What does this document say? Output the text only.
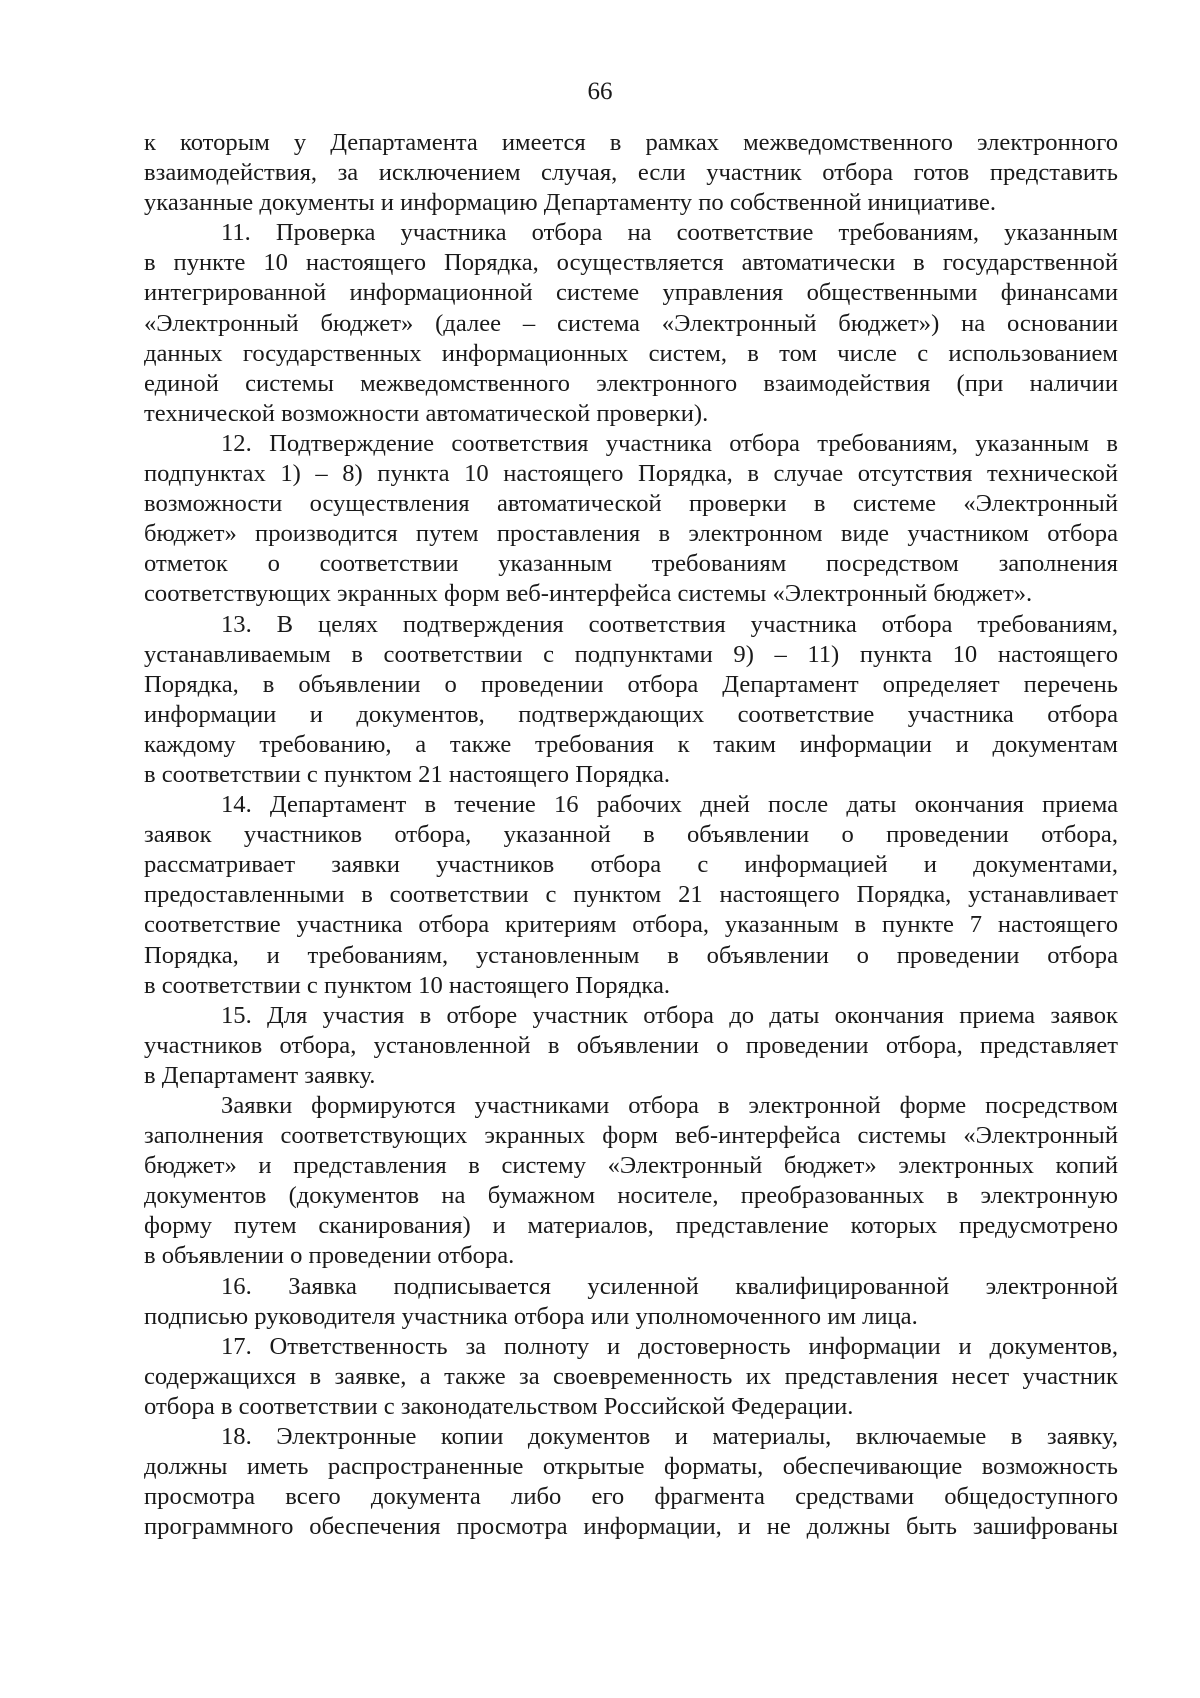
66
к которым у Департамента имеется в рамках межведомственного электронного
взаимодействия, за исключением случая, если участник отбора готов представить
указанные документы и информацию Департаменту по собственной инициативе.
11. Проверка участника отбора на соответствие требованиям, указанным
в пункте 10 настоящего Порядка, осуществляется автоматически в государственной
интегрированной информационной системе управления общественными финансами
«Электронный бюджет» (далее – система «Электронный бюджет») на основании
данных государственных информационных систем, в том числе с использованием
единой системы межведомственного электронного взаимодействия (при наличии
технической возможности автоматической проверки).
12. Подтверждение соответствия участника отбора требованиям, указанным в
подпунктах 1) – 8) пункта 10 настоящего Порядка, в случае отсутствия технической
возможности осуществления автоматической проверки в системе «Электронный
бюджет» производится путем проставления в электронном виде участником отбора
отметок о соответствии указанным требованиям посредством заполнения
соответствующих экранных форм веб-интерфейса системы «Электронный бюджет».
13. В целях подтверждения соответствия участника отбора требованиям,
устанавливаемым в соответствии с подпунктами 9) – 11) пункта 10 настоящего
Порядка, в объявлении о проведении отбора Департамент определяет перечень
информации и документов, подтверждающих соответствие участника отбора
каждому требованию, а также требования к таким информации и документам
в соответствии с пунктом 21 настоящего Порядка.
14. Департамент в течение 16 рабочих дней после даты окончания приема
заявок участников отбора, указанной в объявлении о проведении отбора,
рассматривает заявки участников отбора с информацией и документами,
предоставленными в соответствии с пунктом 21 настоящего Порядка, устанавливает
соответствие участника отбора критериям отбора, указанным в пункте 7 настоящего
Порядка, и требованиям, установленным в объявлении о проведении отбора
в соответствии с пунктом 10 настоящего Порядка.
15. Для участия в отборе участник отбора до даты окончания приема заявок
участников отбора, установленной в объявлении о проведении отбора, представляет
в Департамент заявку.
Заявки формируются участниками отбора в электронной форме посредством
заполнения соответствующих экранных форм веб-интерфейса системы «Электронный
бюджет» и представления в систему «Электронный бюджет» электронных копий
документов (документов на бумажном носителе, преобразованных в электронную
форму путем сканирования) и материалов, представление которых предусмотрено
в объявлении о проведении отбора.
16. Заявка подписывается усиленной квалифицированной электронной
подписью руководителя участника отбора или уполномоченного им лица.
17. Ответственность за полноту и достоверность информации и документов,
содержащихся в заявке, а также за своевременность их представления несет участник
отбора в соответствии с законодательством Российской Федерации.
18. Электронные копии документов и материалы, включаемые в заявку,
должны иметь распространенные открытые форматы, обеспечивающие возможность
просмотра всего документа либо его фрагмента средствами общедоступного
программного обеспечения просмотра информации, и не должны быть зашифрованы
